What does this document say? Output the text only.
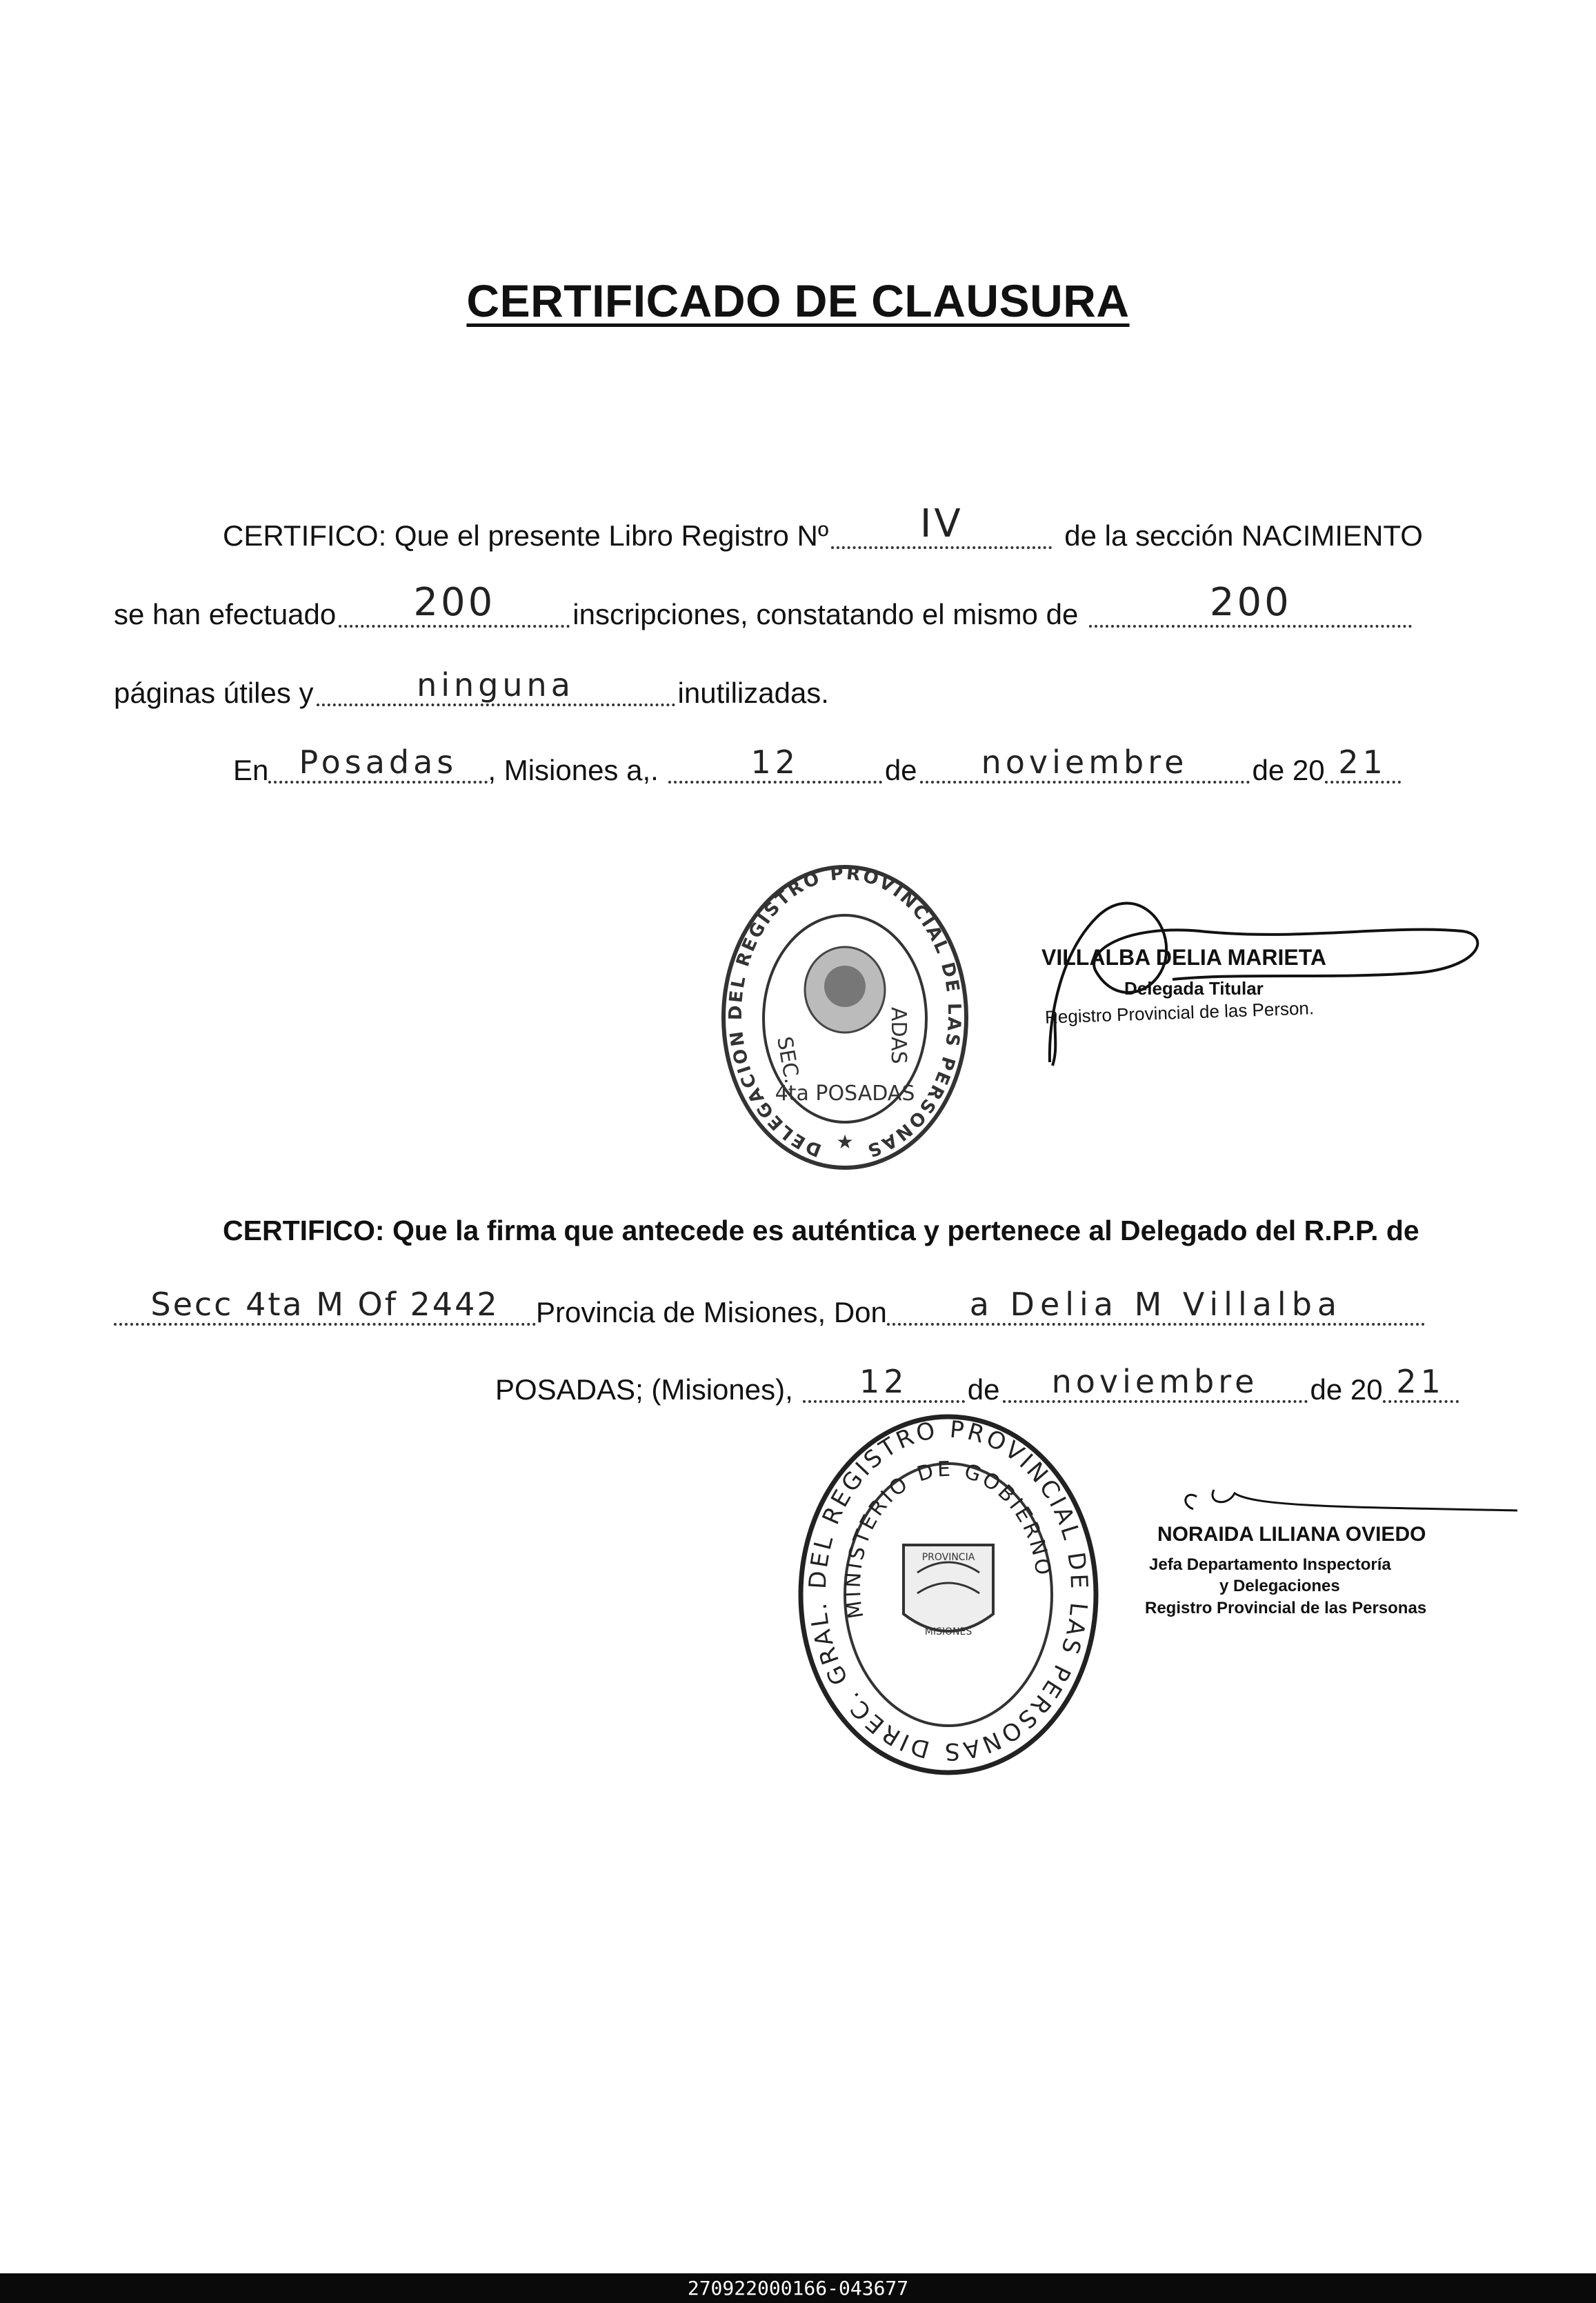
CERTIFICADO DE CLAUSURA
CERTIFICO: Que el presente Libro Registro Nº	IV	de la sección NACIMIENTO
se han efectuado	200	inscripciones, constatando el mismo de	200
páginas útiles y	ninguna	inutilizadas.
En Posadas	, Misiones a,.	12	de	noviembre	de 20 21
DELEGACION DEL REGISTRO PROVINCIAL DE LAS PERSONAS
SEC.	ADAS
4ta POSADAS
★
VILLALBA DELIA MARIETA
Delegada Titular
Registro Provincial de las Person.
CERTIFICO: Que la firma que antecede es auténtica y pertenece al Delegado del R.P.P. de
Secc 4ta M Of 2442	Provincia de Misiones, Don	a Delia M Villalba
POSADAS; (Misiones),	12	de	noviembre	de 20 21
DIREC. GRAL. DEL REGISTRO PROVINCIAL DE LAS PERSONAS
MINISTERIO DE GOBIERNO
PROVINCIA
MISIONES
NORAIDA LILIANA OVIEDO
Jefa Departamento Inspectoría
y Delegaciones
Registro Provincial de las Personas
270922000166-043677
